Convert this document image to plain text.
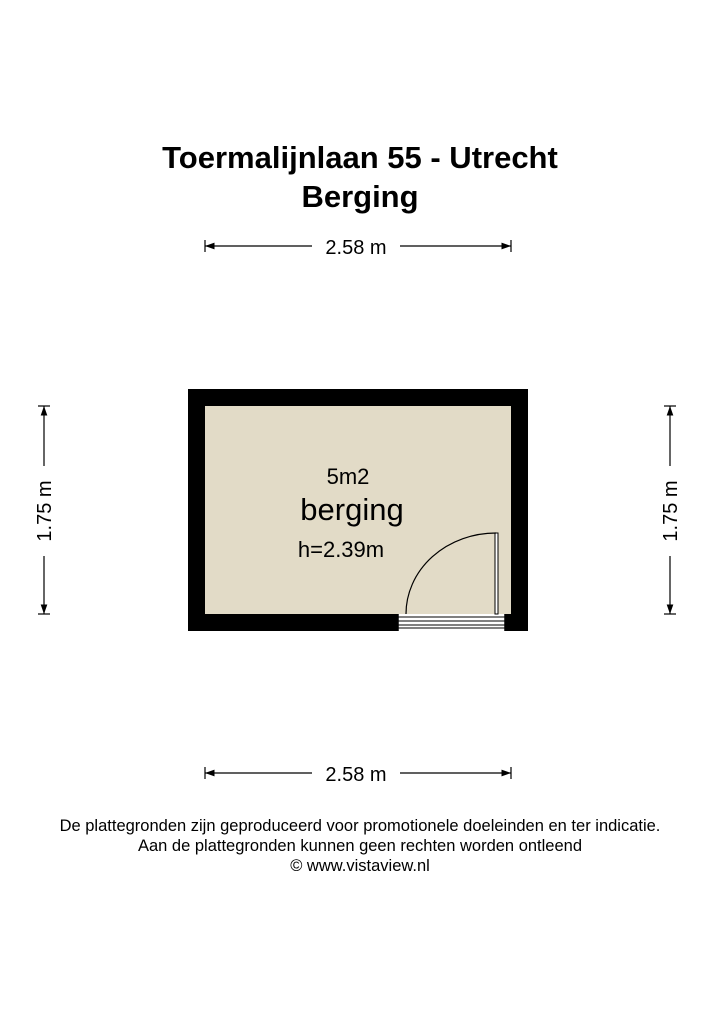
Toermalijnlaan 55 - Utrecht
Berging
2.58 m
2.58 m
1.75 m	1.75 m
5m2
berging
h=2.39m
De plattegronden zijn geproduceerd voor promotionele doeleinden en ter indicatie.
Aan de plattegronden kunnen geen rechten worden ontleend
© www.vistaview.nl
